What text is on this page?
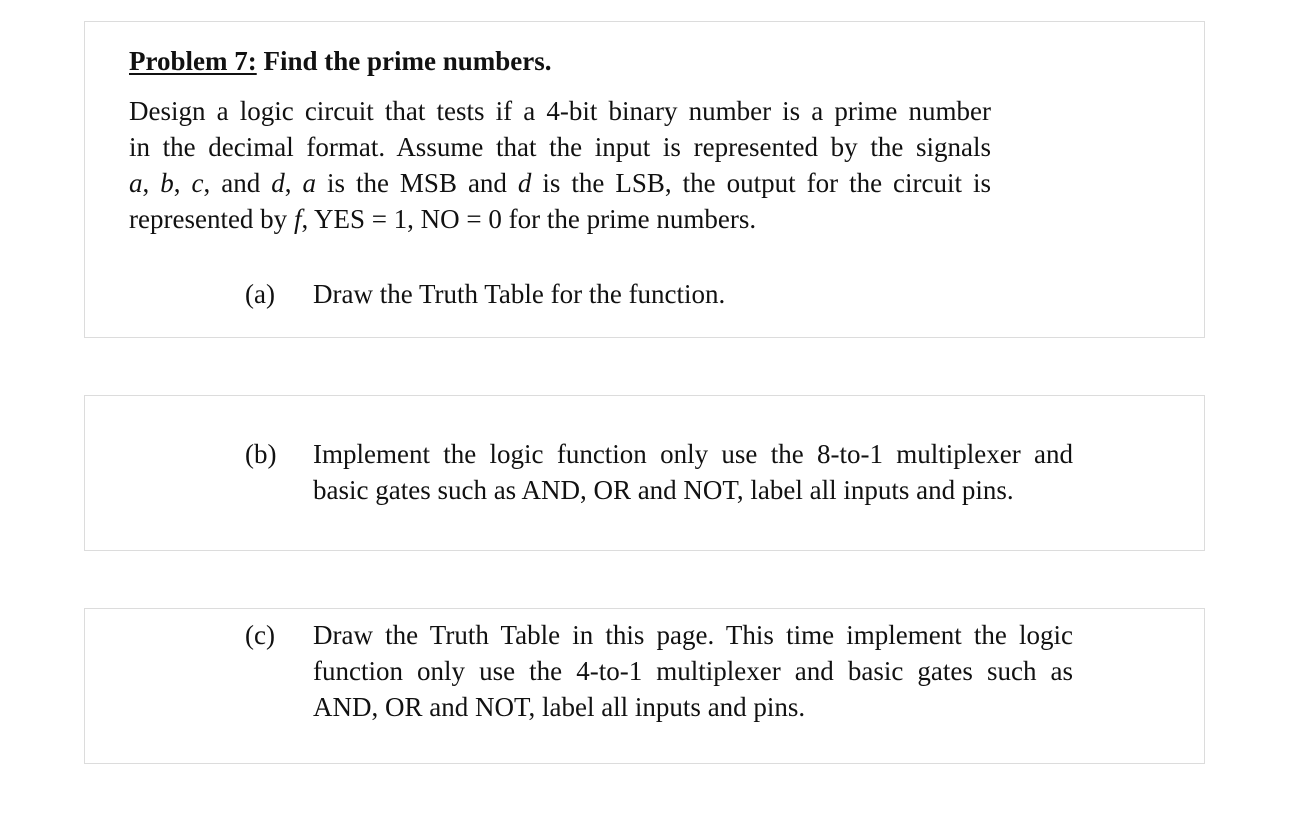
(a)	Draw the Truth Table for the function.
Problem 7: Find the prime numbers.
Design a logic circuit that tests if a 4-bit binary number is a prime number
in the decimal format. Assume that the input is represented by the signals
a, b, c, and d, a is the MSB and d is the LSB, the output for the circuit is
represented by f, YES = 1, NO = 0 for the prime numbers.
(b)	Implement the logic function only use the 8-to-1 multiplexer and
basic gates such as AND, OR and NOT, label all inputs and pins.
(c)	Draw the Truth Table in this page. This time implement the logic
function only use the 4-to-1 multiplexer and basic gates such as
AND, OR and NOT, label all inputs and pins.
